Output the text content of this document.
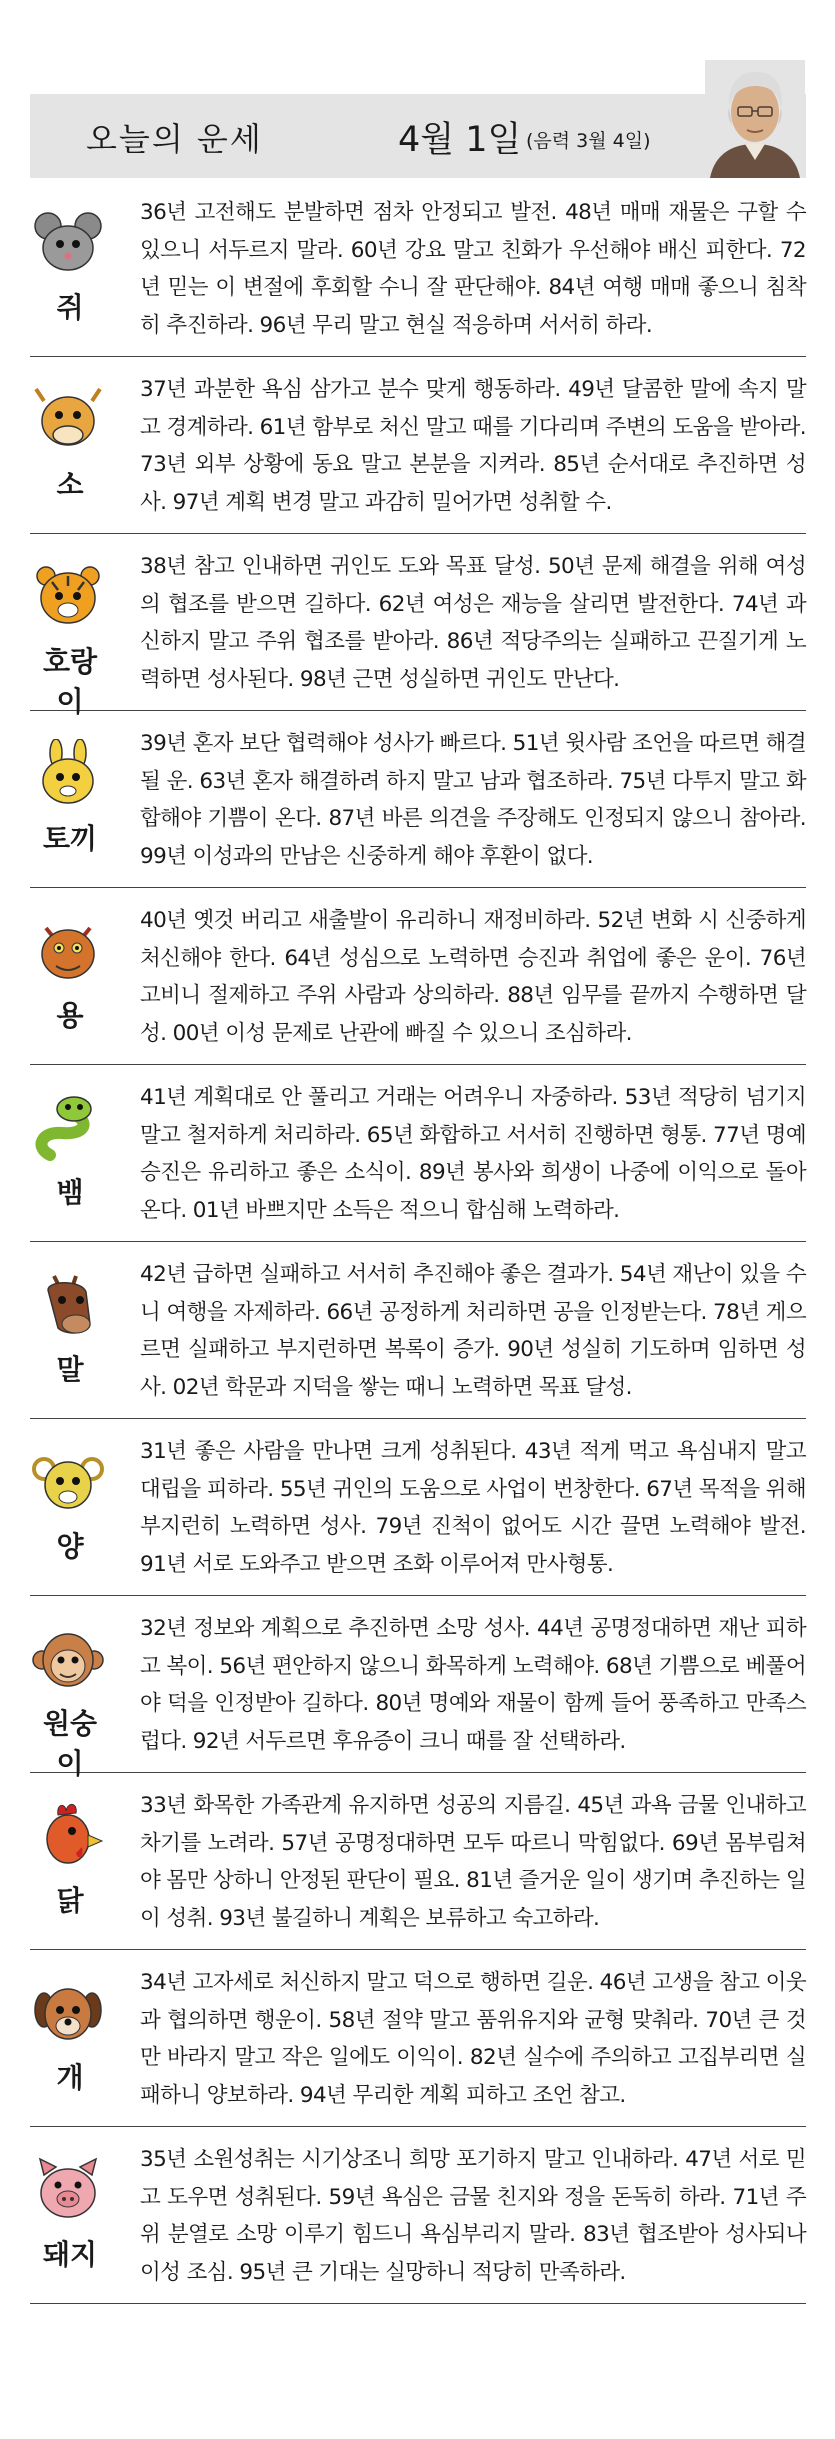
오늘의 운세	4월 1일 (음력 3월 4일)
쥐
36년 고전해도 분발하면 점차 안정되고 발전. 48년 매매 재물은 구할 수 있으니 서두르지 말라. 60년 강요 말고 친화가 우선해야 배신 피한다. 72년 믿는 이 변절에 후회할 수니 잘 판단해야. 84년 여행 매매 좋으니 침착히 추진하라. 96년 무리 말고 현실 적응하며 서서히 하라.
소
37년 과분한 욕심 삼가고 분수 맞게 행동하라. 49년 달콤한 말에 속지 말고 경계하라. 61년 함부로 처신 말고 때를 기다리며 주변의 도움을 받아라. 73년 외부 상황에 동요 말고 본분을 지켜라. 85년 순서대로 추진하면 성사. 97년 계획 변경 말고 과감히 밀어가면 성취할 수.
호랑이
38년 참고 인내하면 귀인도 도와 목표 달성. 50년 문제 해결을 위해 여성의 협조를 받으면 길하다. 62년 여성은 재능을 살리면 발전한다. 74년 과신하지 말고 주위 협조를 받아라. 86년 적당주의는 실패하고 끈질기게 노력하면 성사된다. 98년 근면 성실하면 귀인도 만난다.
토끼
39년 혼자 보단 협력해야 성사가 빠르다. 51년 윗사람 조언을 따르면 해결될 운. 63년 혼자 해결하려 하지 말고 남과 협조하라. 75년 다투지 말고 화합해야 기쁨이 온다. 87년 바른 의견을 주장해도 인정되지 않으니 참아라. 99년 이성과의 만남은 신중하게 해야 후환이 없다.
용
40년 옛것 버리고 새출발이 유리하니 재정비하라. 52년 변화 시 신중하게 처신해야 한다. 64년 성심으로 노력하면 승진과 취업에 좋은 운이. 76년 고비니 절제하고 주위 사람과 상의하라. 88년 임무를 끝까지 수행하면 달성. 00년 이성 문제로 난관에 빠질 수 있으니 조심하라.
뱀
41년 계획대로 안 풀리고 거래는 어려우니 자중하라. 53년 적당히 넘기지 말고 철저하게 처리하라. 65년 화합하고 서서히 진행하면 형통. 77년 명예 승진은 유리하고 좋은 소식이. 89년 봉사와 희생이 나중에 이익으로 돌아온다. 01년 바쁘지만 소득은 적으니 합심해 노력하라.
말
42년 급하면 실패하고 서서히 추진해야 좋은 결과가. 54년 재난이 있을 수니 여행을 자제하라. 66년 공정하게 처리하면 공을 인정받는다. 78년 게으르면 실패하고 부지런하면 복록이 증가. 90년 성실히 기도하며 임하면 성사. 02년 학문과 지덕을 쌓는 때니 노력하면 목표 달성.
양
31년 좋은 사람을 만나면 크게 성취된다. 43년 적게 먹고 욕심내지 말고 대립을 피하라. 55년 귀인의 도움으로 사업이 번창한다. 67년 목적을 위해 부지런히 노력하면 성사. 79년 진척이 없어도 시간 끌면 노력해야 발전. 91년 서로 도와주고 받으면 조화 이루어져 만사형통.
원숭이
32년 정보와 계획으로 추진하면 소망 성사. 44년 공명정대하면 재난 피하고 복이. 56년 편안하지 않으니 화목하게 노력해야. 68년 기쁨으로 베풀어야 덕을 인정받아 길하다. 80년 명예와 재물이 함께 들어 풍족하고 만족스럽다. 92년 서두르면 후유증이 크니 때를 잘 선택하라.
닭
33년 화목한 가족관계 유지하면 성공의 지름길. 45년 과욕 금물 인내하고 차기를 노려라. 57년 공명정대하면 모두 따르니 막힘없다. 69년 몸부림쳐야 몸만 상하니 안정된 판단이 필요. 81년 즐거운 일이 생기며 추진하는 일이 성취. 93년 불길하니 계획은 보류하고 숙고하라.
개
34년 고자세로 처신하지 말고 덕으로 행하면 길운. 46년 고생을 참고 이웃과 협의하면 행운이. 58년 절약 말고 품위유지와 균형 맞춰라. 70년 큰 것만 바라지 말고 작은 일에도 이익이. 82년 실수에 주의하고 고집부리면 실패하니 양보하라. 94년 무리한 계획 피하고 조언 참고.
돼지
35년 소원성취는 시기상조니 희망 포기하지 말고 인내하라. 47년 서로 믿고 도우면 성취된다. 59년 욕심은 금물 친지와 정을 돈독히 하라. 71년 주위 분열로 소망 이루기 힘드니 욕심부리지 말라. 83년 협조받아 성사되나 이성 조심. 95년 큰 기대는 실망하니 적당히 만족하라.
